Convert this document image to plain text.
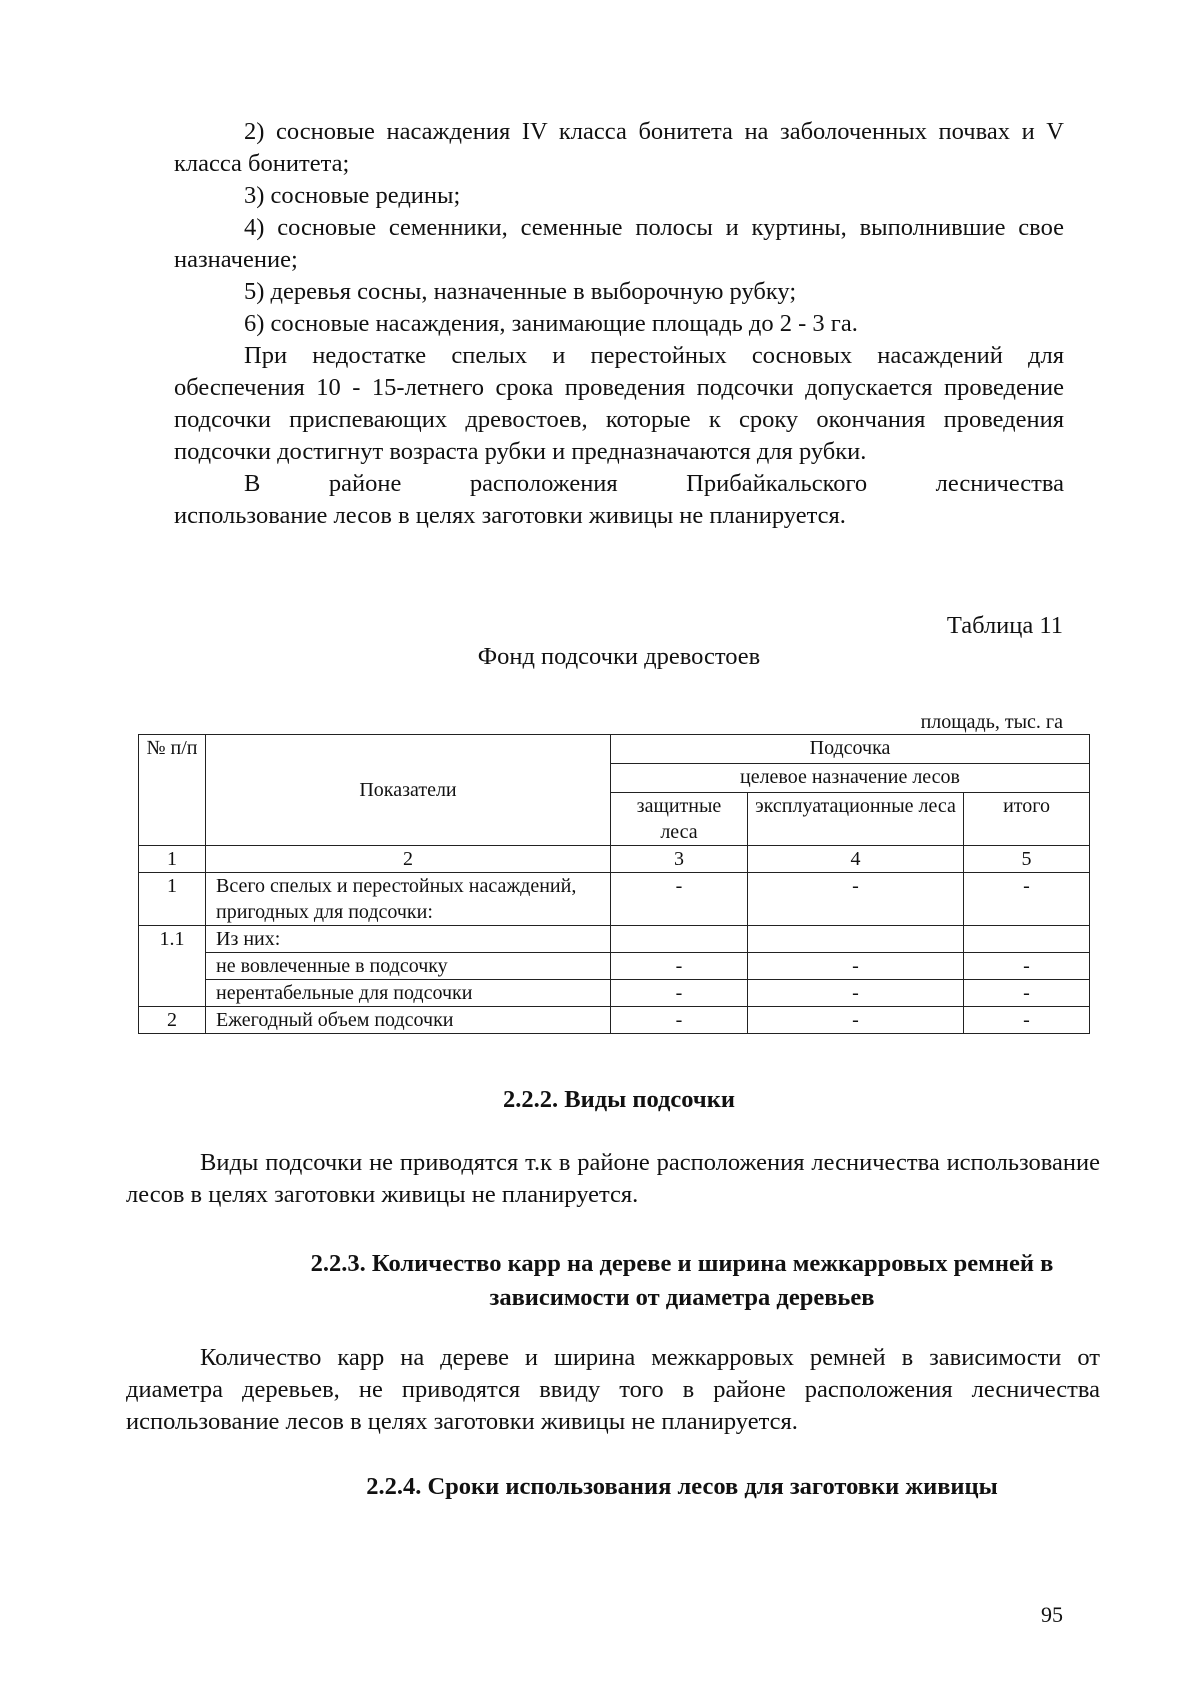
2) сосновые насаждения IV класса бонитета на заболоченных почвах и V класса бонитета;

3) сосновые редины;

4) сосновые семенники, семенные полосы и куртины, выполнившие свое назначение;

5) деревья сосны, назначенные в выборочную рубку;

6) сосновые насаждения, занимающие площадь до 2 - 3 га.

При недостатке спелых и перестойных сосновых насаждений для обеспечения 10 - 15-летнего срока проведения подсочки допускается проведение подсочки приспевающих древостоев, которые к сроку окончания проведения подсочки достигнут возраста рубки и предназначаются для рубки.

В районе расположения Прибайкальского лесничества

использование лесов в целях заготовки живицы не планируется.

Таблица 11
Фонд подсочки древостоев
площадь, тыс. га
№ п/п	Показатели	Подсочка		
		целевое назначение лесов		
		защитные леса	эксплуатационные леса	итого
1	2	3	4	5
1	Всего спелых и перестойных насаждений, пригодных для подсочки:	-	-	-
1.1	Из них:			
	не вовлеченные в подсочку	-	-	-
	нерентабельные для подсочки	-	-	-
2	Ежегодный объем подсочки	-	-	-
2.2.2. Виды подсочки

Виды подсочки не приводятся т.к в районе расположения лесничества использование лесов в целях заготовки живицы не планируется.

2.2.3. Количество карр на дереве и ширина межкарровых ремней в зависимости от диаметра деревьев

Количество карр на дереве и ширина межкарровых ремней в зависимости от диаметра деревьев, не приводятся ввиду того в районе расположения лесничества использование лесов в целях заготовки живицы не планируется.

2.2.4. Сроки использования лесов для заготовки живицы
95
